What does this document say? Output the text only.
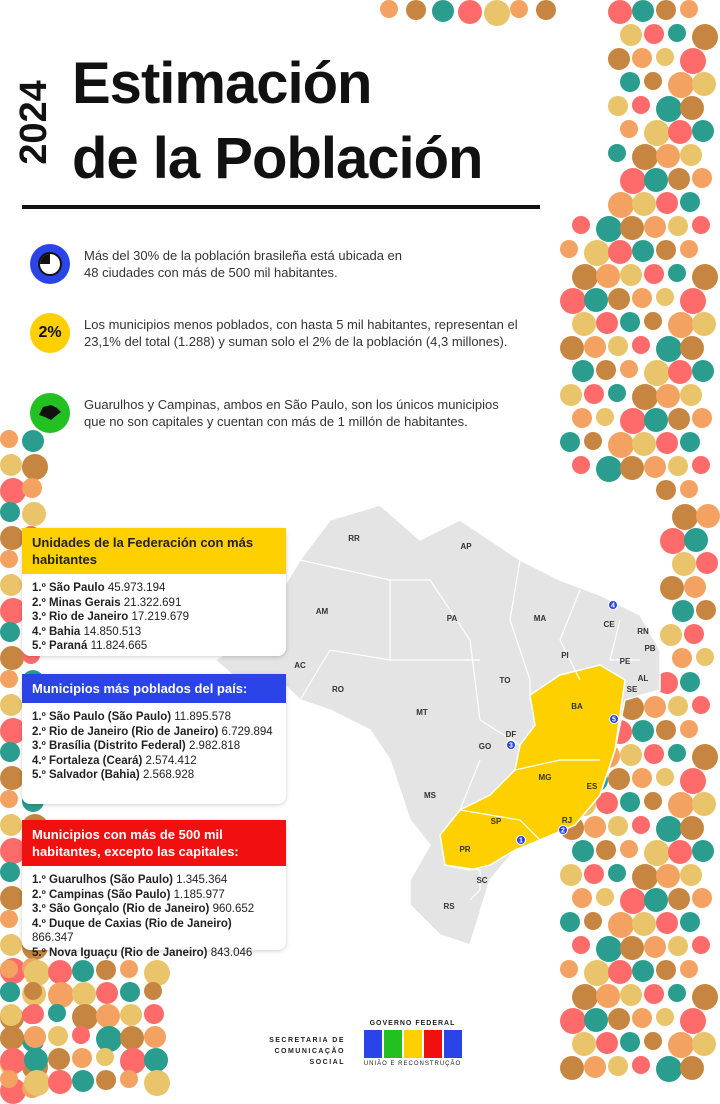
2024 Estimación
de la Población

Más del 30% de la población brasileña está ubicada en 48 ciudades con más de 500 mil habitantes.

2%	Los municipios menos poblados, con hasta 5 mil habitantes, representan el 23,1% del total (1.288) y suman solo el 2% de la población (4,3 millones).

Guarulhos y Campinas, ambos en São Paulo, son los únicos municipios que no son capitales y cuentan con más de 1 millón de habitantes.

RR
AP
AM
PA	MA
CE
RN
PB
PE
AL
SE
PI
TO
BA
AC
RO
MT
GO
DF
MG
ES
MS
SP	RJ
PR
SC
RS
1
2
3
4
5
Unidades de la Federación con más habitantes
1.º São Paulo 45.973.194
2.º Minas Gerais 21.322.691
3.º Rio de Janeiro 17.219.679
4.º Bahia 14.850.513
5.º Paraná 11.824.665
Municipios más poblados del país:
1.º São Paulo (São Paulo) 11.895.578
2.º Rio de Janeiro (Rio de Janeiro) 6.729.894
3.º Brasília (Distrito Federal) 2.982.818
4.º Fortaleza (Ceará) 2.574.412
5.º Salvador (Bahia) 2.568.928
Municipios con más de 500 mil habitantes, excepto las capitales:
1.º Guarulhos (São Paulo) 1.345.364
2.º Campinas (São Paulo) 1.185.977
3.º São Gonçalo (Rio de Janeiro) 960.652
4.º Duque de Caxias (Rio de Janeiro) 866.347
5.º Nova Iguaçu (Rio de Janeiro) 843.046
SECRETARIA DE
COMUNICAÇÃO SOCIAL
GOVERNO FEDERAL
UNIÃO E RECONSTRUÇÃO
